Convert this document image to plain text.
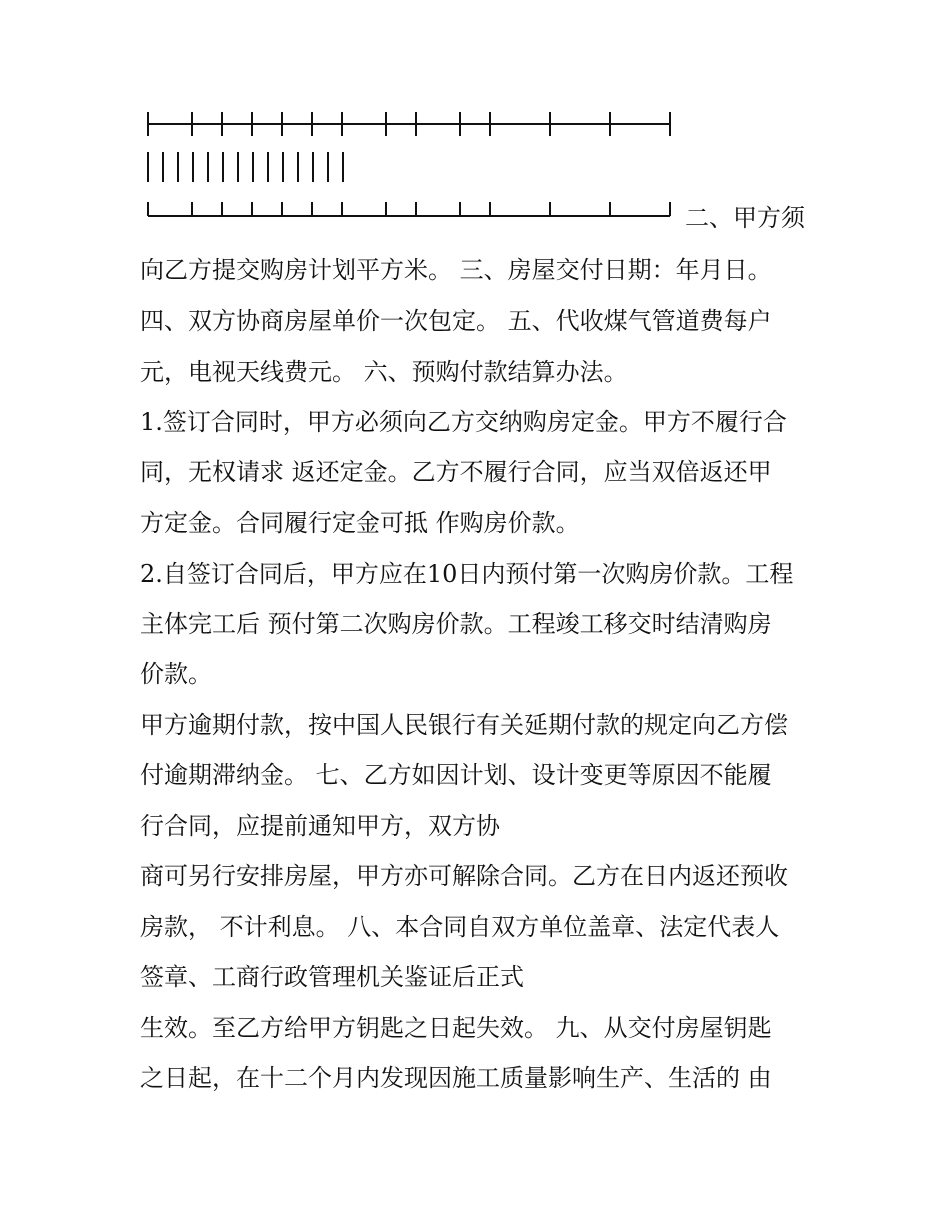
二、甲方须
向乙方提交购房计划平方米。 三、房屋交付日期：年月日。
四、双方协商房屋单价一次包定。 五、代收煤气管道费每户
元，电视天线费元。 六、预购付款结算办法。
1.签订合同时，甲方必须向乙方交纳购房定金。甲方不履行合
同，无权请求 返还定金。乙方不履行合同，应当双倍返还甲
方定金。合同履行定金可抵 作购房价款。
2.自签订合同后，甲方应在10日内预付第一次购房价款。工程
主体完工后 预付第二次购房价款。工程竣工移交时结清购房
价款。
甲方逾期付款，按中国人民银行有关延期付款的规定向乙方偿
付逾期滞纳金。 七、乙方如因计划、设计变更等原因不能履
行合同，应提前通知甲方，双方协
商可另行安排房屋，甲方亦可解除合同。乙方在日内返还预收
房款， 不计利息。 八、本合同自双方单位盖章、法定代表人
签章、工商行政管理机关鉴证后正式
生效。至乙方给甲方钥匙之日起失效。 九、从交付房屋钥匙
之日起，在十二个月内发现因施工质量影响生产、生活的 由
